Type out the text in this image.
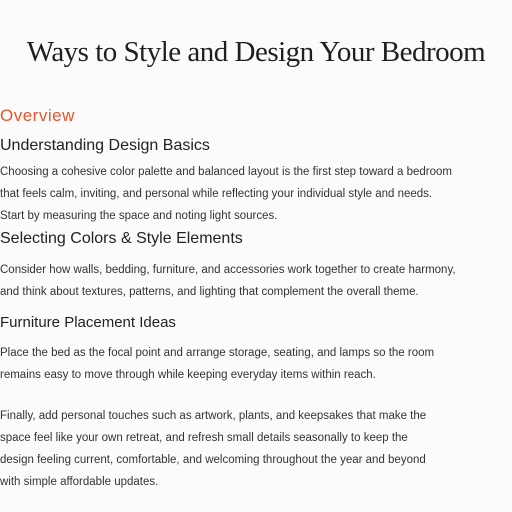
Ways to Style and Design Your Bedroom
Overview
Understanding Design Basics
Choosing a cohesive color palette and balanced layout is the first step toward a bedroom
that feels calm, inviting, and personal while reflecting your individual style and needs.
Start by measuring the space and noting light sources.
Selecting Colors & Style Elements
Consider how walls, bedding, furniture, and accessories work together to create harmony,
and think about textures, patterns, and lighting that complement the overall theme.
Furniture Placement Ideas
Place the bed as the focal point and arrange storage, seating, and lamps so the room
remains easy to move through while keeping everyday items within reach.
Finally, add personal touches such as artwork, plants, and keepsakes that make the
space feel like your own retreat, and refresh small details seasonally to keep the
design feeling current, comfortable, and welcoming throughout the year and beyond
with simple affordable updates.
